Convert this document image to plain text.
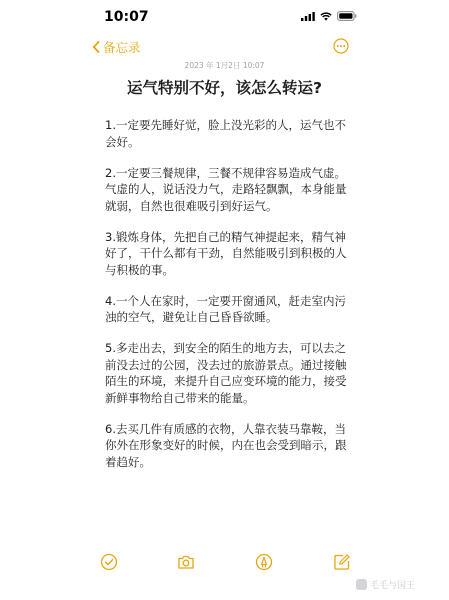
10:07
备忘录
2023 年 1月2日 10:07
运气特别不好，该怎么转运?

1.一定要先睡好觉，脸上没光彩的人，运气也不会好。

2.一定要三餐规律，三餐不规律容易造成气虚。气虚的人，说话没力气，走路轻飘飘，本身能量就弱，自然也很难吸引到好运气。

3.锻炼身体，先把自己的精气神提起来，精气神好了，干什么都有干劲，自然能吸引到积极的人与积极的事。

4.一个人在家时，一定要开窗通风，赶走室内污浊的空气，避免让自己昏昏欲睡。

5.多走出去，到安全的陌生的地方去，可以去之前没去过的公园，没去过的旅游景点。通过接触陌生的环境，来提升自己应变环境的能力，接受新鲜事物给自己带来的能量。

6.去买几件有质感的衣物，人靠衣装马靠鞍，当你外在形象变好的时候，内在也会受到暗示，跟着趋好。

毛毛与国王
